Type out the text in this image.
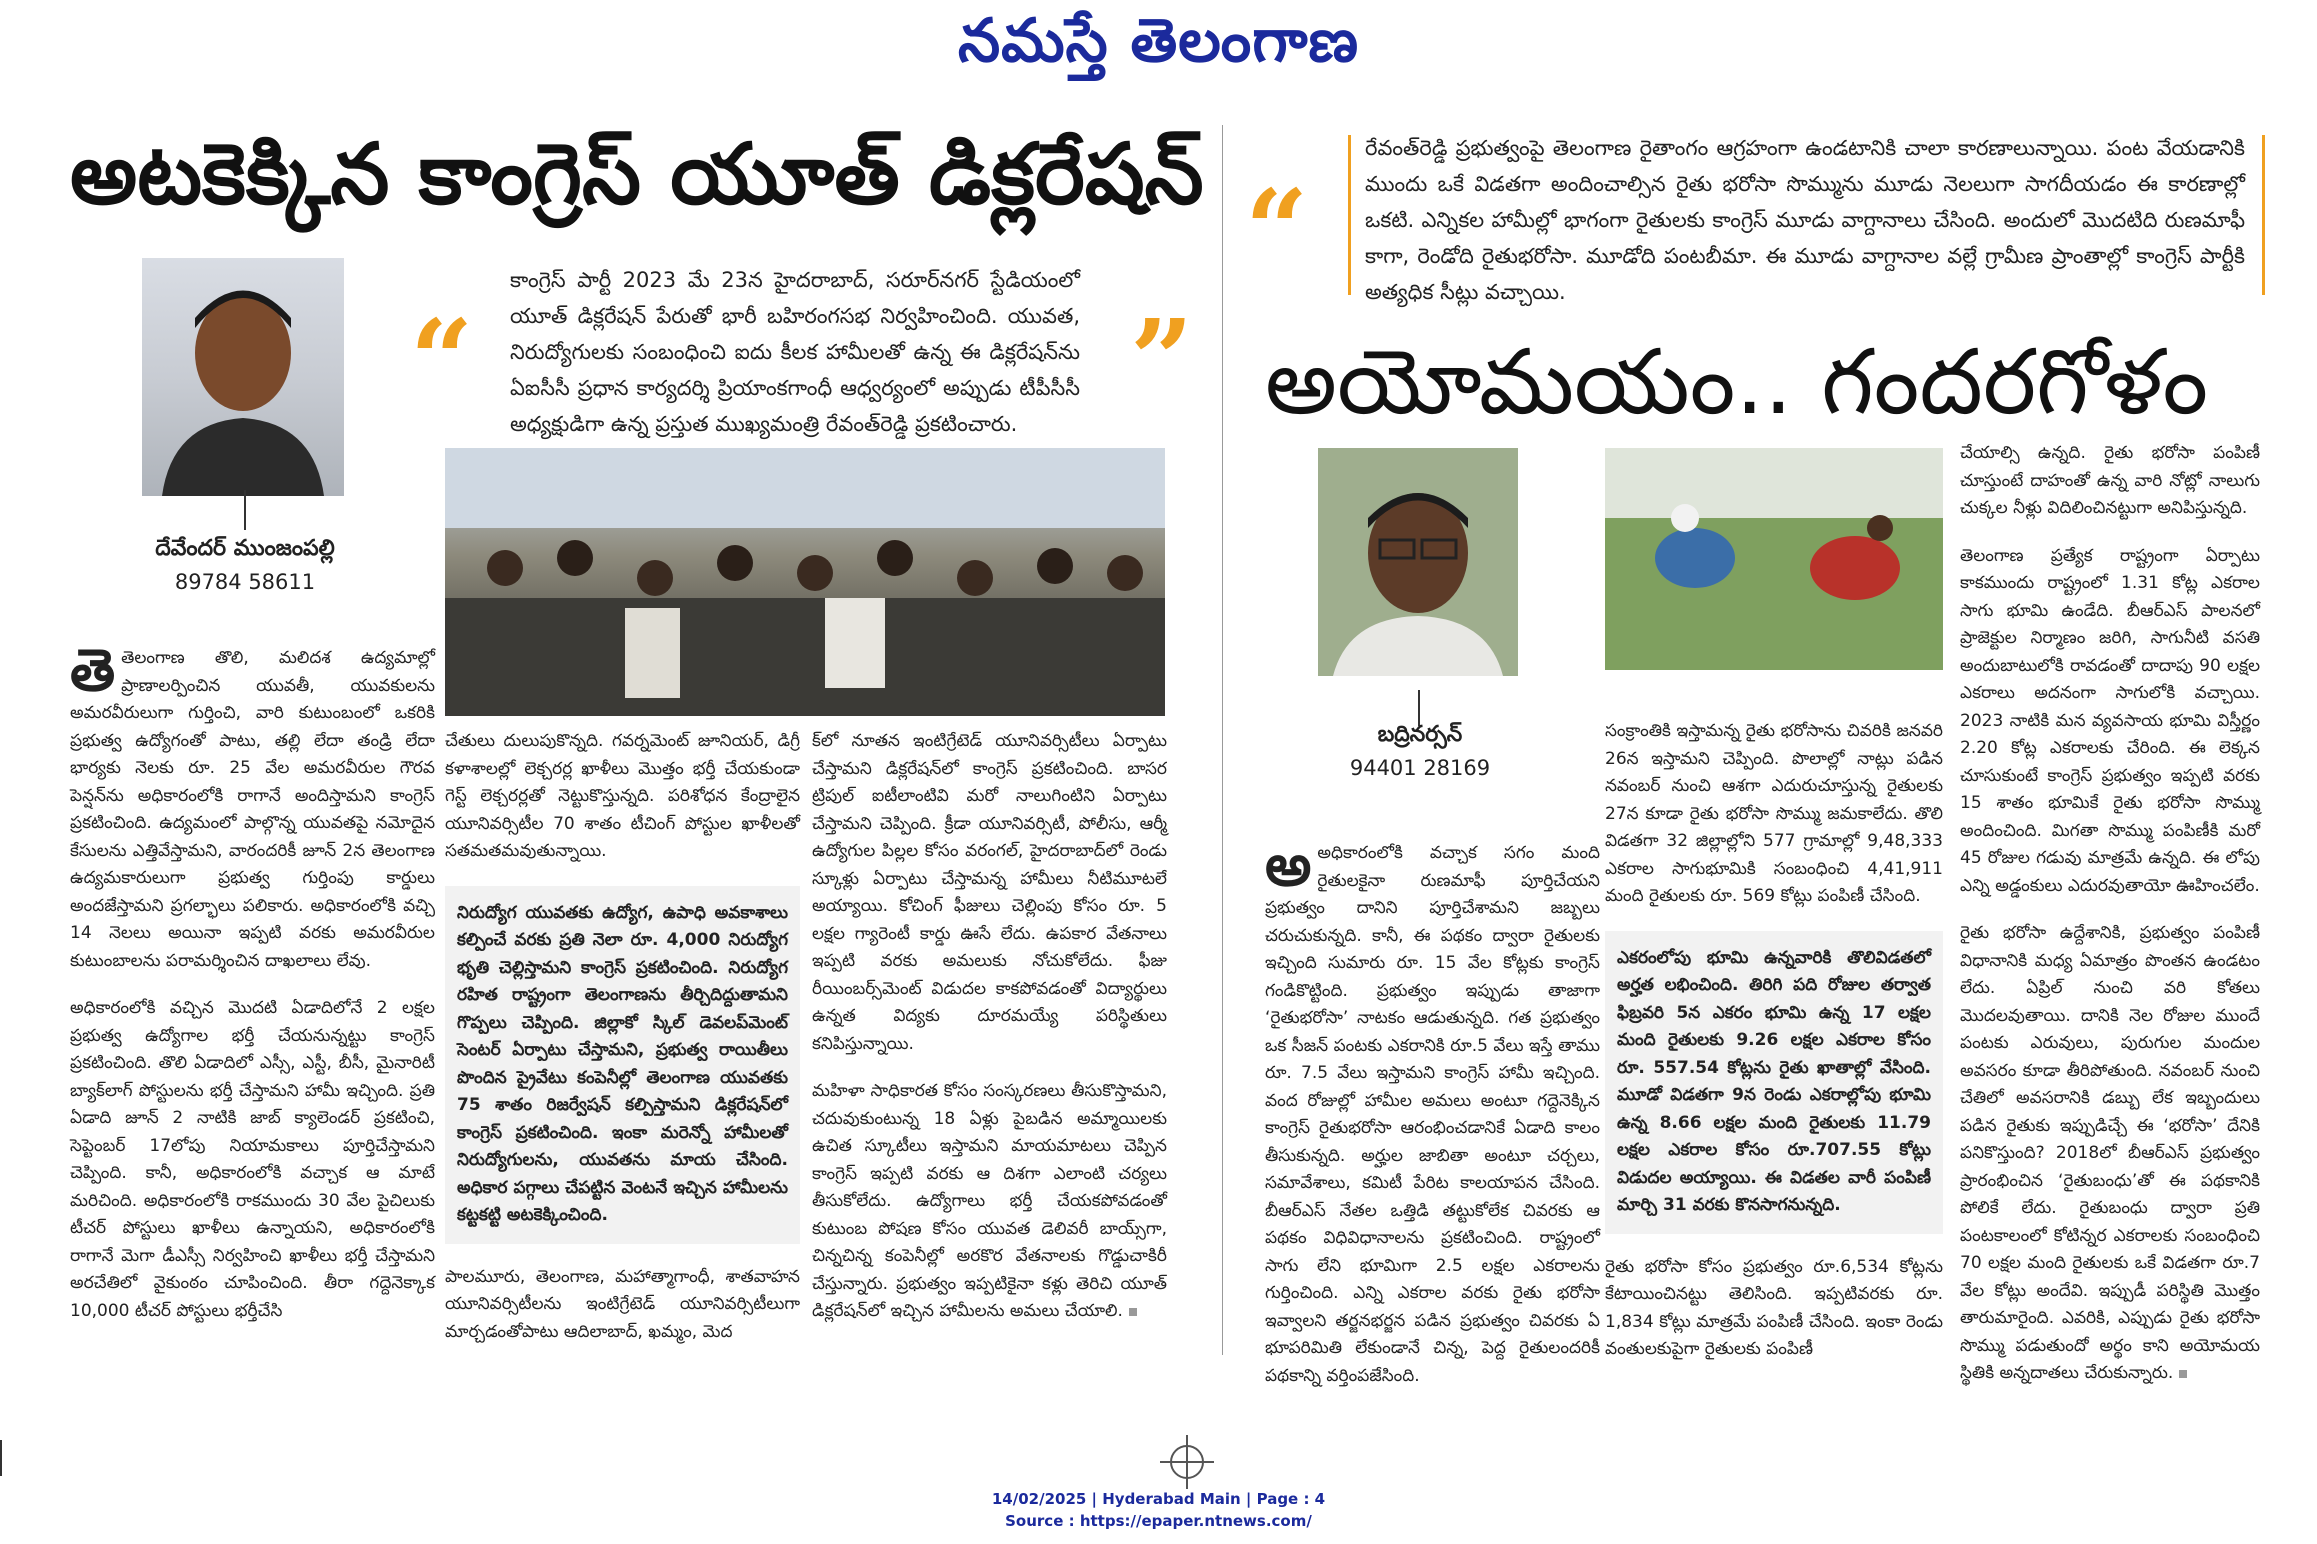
నమస్తే తెలంగాణ
అటకెక్కిన కాంగ్రెస్ యూత్ డిక్లరేషన్
దేవేందర్ ముంజంపల్లి
89784 58611
“	”
కాంగ్రెస్ పార్టీ 2023 మే 23న హైదరాబాద్, సరూర్‌నగర్ స్టేడియంలో యూత్ డిక్లరేషన్ పేరుతో భారీ బహిరంగసభ నిర్వహించింది. యువత, నిరుద్యోగులకు సంబంధించి ఐదు కీలక హామీలతో ఉన్న ఈ డిక్లరేషన్‌ను ఏఐసీసీ ప్రధాన కార్యదర్శి ప్రియాంకగాంధీ ఆధ్వర్యంలో అప్పుడు టీపీసీసీ అధ్యక్షుడిగా ఉన్న ప్రస్తుత ముఖ్యమంత్రి రేవంత్‌రెడ్డి ప్రకటించారు.

తెతెలంగాణ తొలి, మలిదశ ఉద్యమాల్లో ప్రాణాలర్పించిన యువతీ, యువకులను అమరవీరులుగా గుర్తించి, వారి కుటుంబంలో ఒకరికి ప్రభుత్వ ఉద్యోగంతో పాటు, తల్లి లేదా తండ్రి లేదా భార్యకు నెలకు రూ. 25 వేల అమరవీరుల గౌరవ పెన్షన్‌ను అధికారంలోకి రాగానే అందిస్తామని కాంగ్రెస్ ప్రకటించింది. ఉద్యమంలో పాల్గొన్న యువతపై నమోదైన కేసులను ఎత్తివేస్తామని, వారందరికీ జూన్ 2న తెలంగాణ ఉద్యమకారులుగా ప్రభుత్వ గుర్తింపు కార్డులు అందజేస్తామని ప్రగల్భాలు పలికారు. అధికారంలోకి వచ్చి 14 నెలలు అయినా ఇప్పటి వరకు అమరవీరుల కుటుంబాలను పరామర్శించిన దాఖలాలు లేవు.

అధికారంలోకి వచ్చిన మొదటి ఏడాదిలోనే 2 లక్షల ప్రభుత్వ ఉద్యోగాల భర్తీ చేయనున్నట్టు కాంగ్రెస్ ప్రకటించింది. తొలి ఏడాదిలో ఎస్సీ, ఎస్టీ, బీసీ, మైనారిటీ బ్యాక్‌లాగ్ పోస్టులను భర్తీ చేస్తామని హామీ ఇచ్చింది. ప్రతి ఏడాది జూన్ 2 నాటికి జాబ్ క్యాలెండర్ ప్రకటించి, సెప్టెంబర్ 17లోపు నియామకాలు పూర్తిచేస్తామని చెప్పింది. కానీ, అధికారంలోకి వచ్చాక ఆ మాటే మరిచింది. అధికారంలోకి రాకముందు 30 వేల పైచిలుకు టీచర్ పోస్టులు ఖాళీలు ఉన్నాయని, అధికారంలోకి రాగానే మెగా డీఎస్సీ నిర్వహించి ఖాళీలు భర్తీ చేస్తామని అరచేతిలో వైకుంఠం చూపించింది. తీరా గద్దెనెక్కాక 10,000 టీచర్ పోస్టులు భర్తీచేసి

చేతులు దులుపుకొన్నది. గవర్నమెంట్ జూనియర్, డిగ్రీ కళాశాలల్లో లెక్చరర్ల ఖాళీలు మొత్తం భర్తీ చేయకుండా గెస్ట్ లెక్చరర్లతో నెట్టుకొస్తున్నది. పరిశోధన కేంద్రాలైన యూనివర్సిటీల 70 శాతం టీచింగ్ పోస్టుల ఖాళీలతో సతమతమవుతున్నాయి.

నిరుద్యోగ యువతకు ఉద్యోగ, ఉపాధి అవకాశాలు కల్పించే వరకు ప్రతి నెలా రూ. 4,000 నిరుద్యోగ భృతి చెల్లిస్తామని కాంగ్రెస్ ప్రకటించింది. నిరుద్యోగ రహిత రాష్ట్రంగా తెలంగాణను తీర్చిదిద్దుతామని గొప్పలు చెప్పింది. జిల్లాకో స్కిల్ డెవలప్‌మెంట్ సెంటర్ ఏర్పాటు చేస్తామని, ప్రభుత్వ రాయితీలు పొందిన ప్రైవేటు కంపెనీల్లో తెలంగాణ యువతకు 75 శాతం రిజర్వేషన్ కల్పిస్తామని డిక్లరేషన్‌లో కాంగ్రెస్ ప్రకటించింది. ఇంకా మరెన్నో హామీలతో నిరుద్యోగులను, యువతను మాయ చేసింది. అధికార పగ్గాలు చేపట్టిన వెంటనే ఇచ్చిన హామీలను కట్టకట్టి అటకెక్కించింది.

పాలమూరు, తెలంగాణ, మహాత్మాగాంధీ, శాతవాహన యూనివర్సిటీలను ఇంటిగ్రేటెడ్ యూనివర్సిటీలుగా మార్చడంతోపాటు ఆదిలాబాద్, ఖమ్మం, మెద

క్‌లో నూతన ఇంటిగ్రేటెడ్ యూనివర్సిటీలు ఏర్పాటు చేస్తామని డిక్లరేషన్‌లో కాంగ్రెస్ ప్రకటించింది. బాసర ట్రిపుల్ ఐటీలాంటివి మరో నాలుగింటిని ఏర్పాటు చేస్తామని చెప్పింది. క్రీడా యూనివర్సిటీ, పోలీసు, ఆర్మీ ఉద్యోగుల పిల్లల కోసం వరంగల్, హైదరాబాద్‌లో రెండు స్కూళ్లు ఏర్పాటు చేస్తామన్న హామీలు నీటిమూటలే అయ్యాయి. కోచింగ్ ఫీజులు చెల్లింపు కోసం రూ. 5 లక్షల గ్యారెంటీ కార్డు ఊసే లేదు. ఉపకార వేతనాలు ఇప్పటి వరకు అమలుకు నోచుకోలేదు. ఫీజు రీయింబర్స్‌మెంట్ విడుదల కాకపోవడంతో విద్యార్థులు ఉన్నత విద్యకు దూరమయ్యే పరిస్థితులు కనిపిస్తున్నాయి.

మహిళా సాధికారత కోసం సంస్కరణలు తీసుకొస్తామని, చదువుకుంటున్న 18 ఏళ్లు పైబడిన అమ్మాయిలకు ఉచిత స్కూటీలు ఇస్తామని మాయమాటలు చెప్పిన కాంగ్రెస్ ఇప్పటి వరకు ఆ దిశగా ఎలాంటి చర్యలు తీసుకోలేదు. ఉద్యోగాలు భర్తీ చేయకపోవడంతో కుటుంబ పోషణ కోసం యువత డెలివరీ బాయ్స్‌గా, చిన్నచిన్న కంపెనీల్లో అరకొర వేతనాలకు గొడ్డుచాకిరీ చేస్తున్నారు. ప్రభుత్వం ఇప్పటికైనా కళ్లు తెరిచి యూత్ డిక్లరేషన్‌లో ఇచ్చిన హామీలను అమలు చేయాలి.

“
రేవంత్‌రెడ్డి ప్రభుత్వంపై తెలంగాణ రైతాంగం ఆగ్రహంగా ఉండటానికి చాలా కారణాలున్నాయి. పంట వేయడానికి ముందు ఒకే విడతగా అందించాల్సిన రైతు భరోసా సొమ్మును మూడు నెలలుగా సాగదీయడం ఈ కారణాల్లో ఒకటి. ఎన్నికల హామీల్లో భాగంగా రైతులకు కాంగ్రెస్ మూడు వాగ్దానాలు చేసింది. అందులో మొదటిది రుణమాఫీ కాగా, రెండోది రైతుభరోసా. మూడోది పంటబీమా. ఈ మూడు వాగ్దానాల వల్లే గ్రామీణ ప్రాంతాల్లో కాంగ్రెస్ పార్టీకి అత్యధిక సీట్లు వచ్చాయి.
అయోమయం.. గందరగోళం
బద్రినర్సన్
94401 28169

అఅధికారంలోకి వచ్చాక సగం మంది రైతులకైనా రుణమాఫీ పూర్తిచేయని ప్రభుత్వం దానిని పూర్తిచేశామని జబ్బలు చరుచుకున్నది. కానీ, ఈ పథకం ద్వారా రైతులకు ఇచ్చింది సుమారు రూ. 15 వేల కోట్లకు కాంగ్రెస్ గండికొట్టింది. ప్రభుత్వం ఇప్పుడు తాజాగా ‘రైతుభరోసా’ నాటకం ఆడుతున్నది. గత ప్రభుత్వం ఒక సీజన్ పంటకు ఎకరానికి రూ.5 వేలు ఇస్తే తాము రూ. 7.5 వేలు ఇస్తామని కాంగ్రెస్ హామీ ఇచ్చింది. వంద రోజుల్లో హామీల అమలు అంటూ గద్దెనెక్కిన కాంగ్రెస్ రైతుభరోసా ఆరంభించడానికే ఏడాది కాలం తీసుకున్నది. అర్హుల జాబితా అంటూ చర్చలు, సమావేశాలు, కమిటీ పేరిట కాలయాపన చేసింది. బీఆర్‌ఎస్ నేతల ఒత్తిడి తట్టుకోలేక చివరకు ఆ పథకం విధివిధానాలను ప్రకటించింది. రాష్ట్రంలో సాగు లేని భూమిగా 2.5 లక్షల ఎకరాలను గుర్తించింది. ఎన్ని ఎకరాల వరకు రైతు భరోసా ఇవ్వాలని తర్జనభర్జన పడిన ప్రభుత్వం చివరకు ఏ భూపరిమితి లేకుండానే చిన్న, పెద్ద రైతులందరికీ పథకాన్ని వర్తింపజేసింది.

సంక్రాంతికి ఇస్తామన్న రైతు భరోసాను చివరికి జనవరి 26న ఇస్తామని చెప్పింది. పొలాల్లో నాట్లు పడిన నవంబర్ నుంచి ఆశగా ఎదురుచూస్తున్న రైతులకు 27న కూడా రైతు భరోసా సొమ్ము జమకాలేదు. తొలి విడతగా 32 జిల్లాల్లోని 577 గ్రామాల్లో 9,48,333 ఎకరాల సాగుభూమికి సంబంధించి 4,41,911 మంది రైతులకు రూ. 569 కోట్లు పంపిణీ చేసింది.

ఎకరంలోపు భూమి ఉన్నవారికి తొలివిడతలో అర్హత లభించింది. తిరిగి పది రోజుల తర్వాత ఫిబ్రవరి 5న ఎకరం భూమి ఉన్న 17 లక్షల మంది రైతులకు 9.26 లక్షల ఎకరాల కోసం రూ. 557.54 కోట్లను రైతు ఖాతాల్లో వేసింది. మూడో విడతగా 9న రెండు ఎకరాల్లోపు భూమి ఉన్న 8.66 లక్షల మంది రైతులకు 11.79 లక్షల ఎకరాల కోసం రూ.707.55 కోట్లు విడుదల అయ్యాయి. ఈ విడతల వారీ పంపిణీ మార్చి 31 వరకు కొనసాగనున్నది.

రైతు భరోసా కోసం ప్రభుత్వం రూ.6,534 కోట్లను కేటాయించినట్టు తెలిసింది. ఇప్పటివరకు రూ. 1,834 కోట్లు మాత్రమే పంపిణీ చేసింది. ఇంకా రెండు వంతులకుపైగా రైతులకు పంపిణీ

చేయాల్సి ఉన్నది. రైతు భరోసా పంపిణీ చూస్తుంటే దాహంతో ఉన్న వారి నోట్లో నాలుగు చుక్కల నీళ్లు విదిలించినట్టుగా అనిపిస్తున్నది.

తెలంగాణ ప్రత్యేక రాష్ట్రంగా ఏర్పాటు కాకముందు రాష్ట్రంలో 1.31 కోట్ల ఎకరాల సాగు భూమి ఉండేది. బీఆర్‌ఎస్ పాలనలో ప్రాజెక్టుల నిర్మాణం జరిగి, సాగునీటి వసతి అందుబాటులోకి రావడంతో దాదాపు 90 లక్షల ఎకరాలు అదనంగా సాగులోకి వచ్చాయి. 2023 నాటికి మన వ్యవసాయ భూమి విస్తీర్ణం 2.20 కోట్ల ఎకరాలకు చేరింది. ఈ లెక్కన చూసుకుంటే కాంగ్రెస్ ప్రభుత్వం ఇప్పటి వరకు 15 శాతం భూమికే రైతు భరోసా సొమ్ము అందించింది. మిగతా సొమ్ము పంపిణీకి మరో 45 రోజుల గడువు మాత్రమే ఉన్నది. ఈ లోపు ఎన్ని అడ్డంకులు ఎదురవుతాయో ఊహించలేం.

రైతు భరోసా ఉద్దేశానికి, ప్రభుత్వం పంపిణీ విధానానికి మధ్య ఏమాత్రం పొంతన ఉండటం లేదు. ఏప్రిల్ నుంచి వరి కోతలు మొదలవుతాయి. దానికి నెల రోజుల ముందే పంటకు ఎరువులు, పురుగుల మందుల అవసరం కూడా తీరిపోతుంది. నవంబర్ నుంచి చేతిలో అవసరానికి డబ్బు లేక ఇబ్బందులు పడిన రైతుకు ఇప్పుడిచ్చే ఈ ‘భరోసా’ దేనికి పనికొస్తుంది? 2018లో బీఆర్‌ఎస్ ప్రభుత్వం ప్రారంభించిన ‘రైతుబంధు’తో ఈ పథకానికి పోలికే లేదు. రైతుబంధు ద్వారా ప్రతి పంటకాలంలో కోటిన్నర ఎకరాలకు సంబంధించి 70 లక్షల మంది రైతులకు ఒకే విడతగా రూ.7 వేల కోట్లు అందేవి. ఇప్పుడీ పరిస్థితి మొత్తం తారుమారైంది. ఎవరికి, ఎప్పుడు రైతు భరోసా సొమ్ము పడుతుందో అర్థం కాని అయోమయ స్థితికి అన్నదాతలు చేరుకున్నారు.

14/02/2025 | Hyderabad Main | Page : 4
Source : https://epaper.ntnews.com/
